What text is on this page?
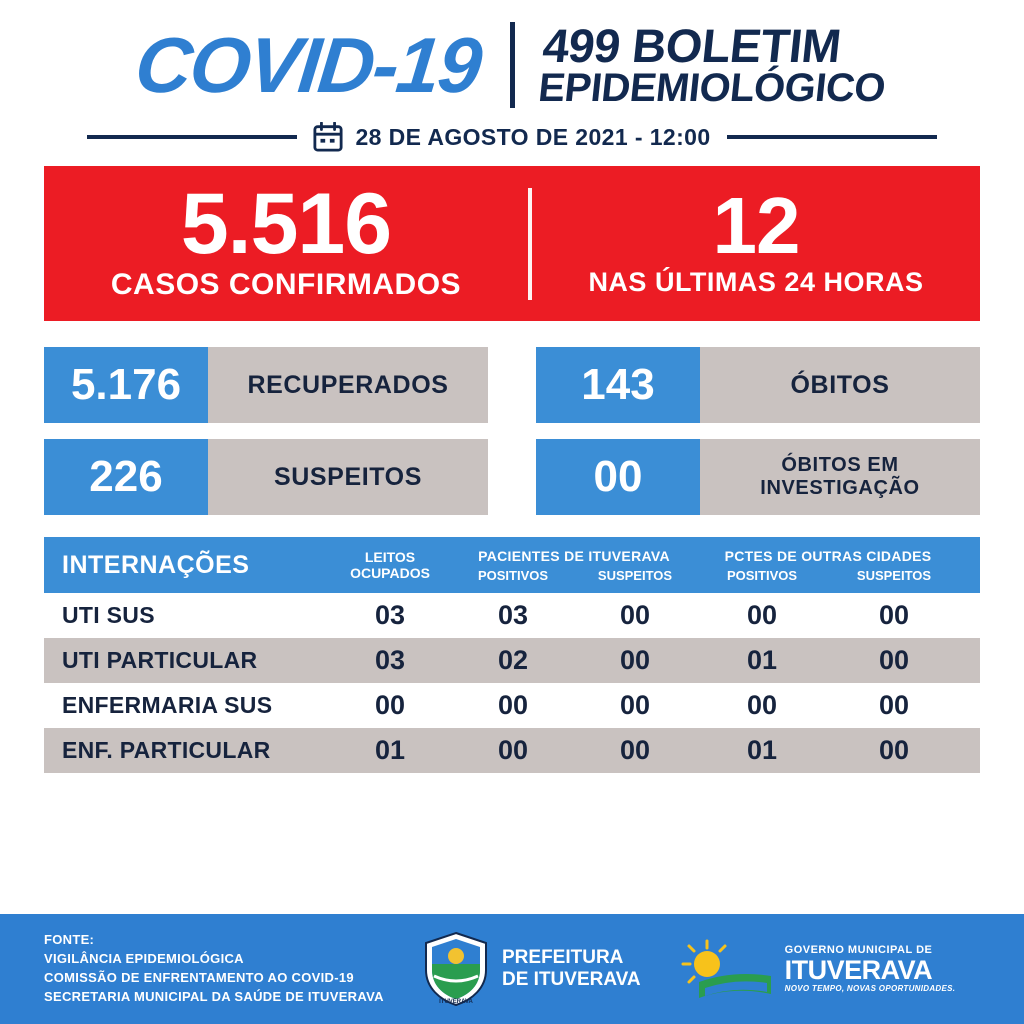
COVID-19 499 BOLETIM
EPIDEMIOLÓGICO
28 DE AGOSTO DE 2021 - 12:00
5.516
CASOS CONFIRMADOS
12
NAS ÚLTIMAS 24 HORAS
5.176	RECUPERADOS	143	ÓBITOS
226	SUSPEITOS	00	ÓBITOS EM INVESTIGAÇÃO
INTERNAÇÕES	LEITOS
OCUPADOS
PACIENTES DE ITUVERAVA
POSITIVOS	SUSPEITOS
PCTES DE OUTRAS CIDADES
POSITIVOS	SUSPEITOS
UTI SUS	03	03	00	00	00
UTI PARTICULAR	03	02	00	01	00
ENFERMARIA SUS	00	00	00	00	00
ENF. PARTICULAR	01	00	00	01	00
FONTE:
VIGILÂNCIA EPIDEMIOLÓGICA
COMISSÃO DE ENFRENTAMENTO AO COVID-19
SECRETARIA MUNICIPAL DA SAÚDE DE ITUVERAVA	ITUVERAVA
PREFEITURA
DE ITUVERAVA
GOVERNO MUNICIPAL DE
ITUVERAVA
NOVO TEMPO, NOVAS OPORTUNIDADES.
